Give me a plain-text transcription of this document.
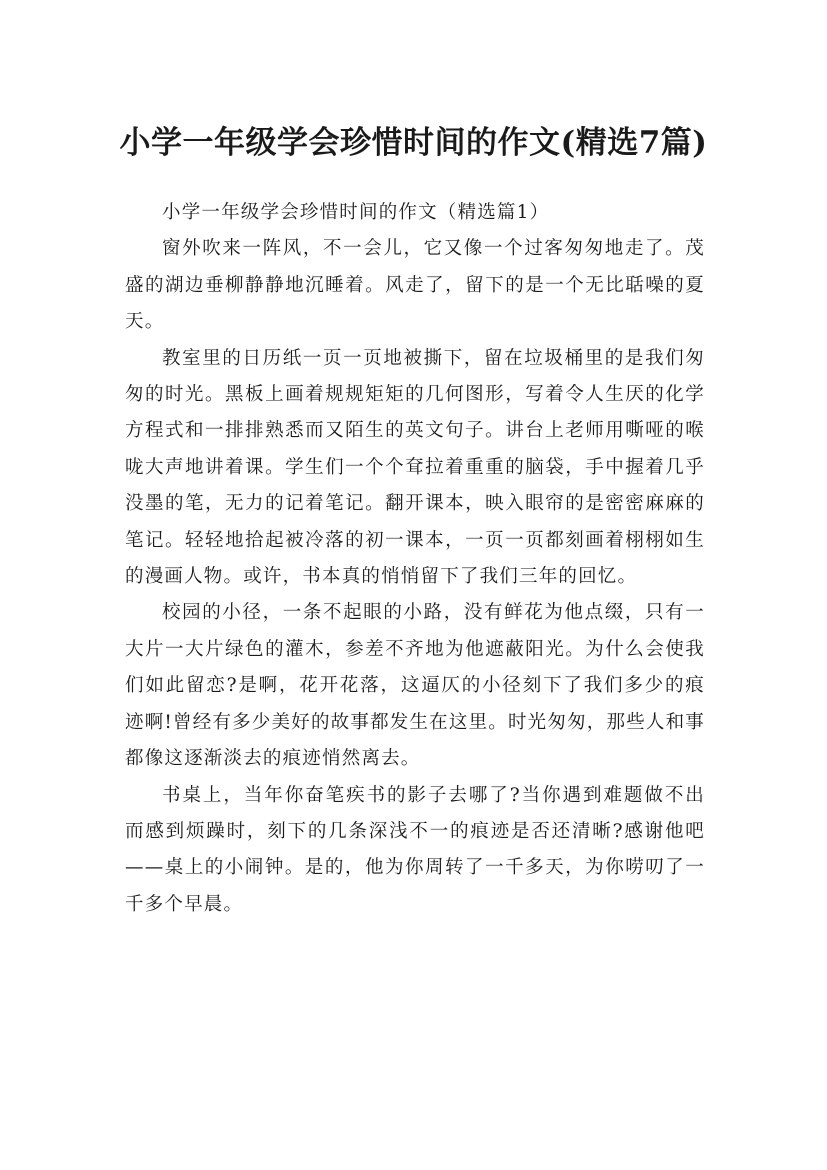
小学一年级学会珍惜时间的作文(精选7篇)

小学一年级学会珍惜时间的作文（精选篇1）

窗外吹来一阵风，不一会儿，它又像一个过客匆匆地走了。茂盛的湖边垂柳静静地沉睡着。风走了，留下的是一个无比聒噪的夏天。

教室里的日历纸一页一页地被撕下，留在垃圾桶里的是我们匆匆的时光。黑板上画着规规矩矩的几何图形，写着令人生厌的化学方程式和一排排熟悉而又陌生的英文句子。讲台上老师用嘶哑的喉咙大声地讲着课。学生们一个个耷拉着重重的脑袋，手中握着几乎没墨的笔，无力的记着笔记。翻开课本，映入眼帘的是密密麻麻的笔记。轻轻地拾起被冷落的初一课本，一页一页都刻画着栩栩如生的漫画人物。或许，书本真的悄悄留下了我们三年的回忆。

校园的小径，一条不起眼的小路，没有鲜花为他点缀，只有一大片一大片绿色的灌木，参差不齐地为他遮蔽阳光。为什么会使我们如此留恋?是啊，花开花落，这逼仄的小径刻下了我们多少的痕迹啊!曾经有多少美好的故事都发生在这里。时光匆匆，那些人和事都像这逐渐淡去的痕迹悄然离去。

书桌上，当年你奋笔疾书的影子去哪了?当你遇到难题做不出而感到烦躁时，刻下的几条深浅不一的痕迹是否还清晰?感谢他吧——桌上的小闹钟。是的，他为你周转了一千多天，为你唠叨了一千多个早晨。
